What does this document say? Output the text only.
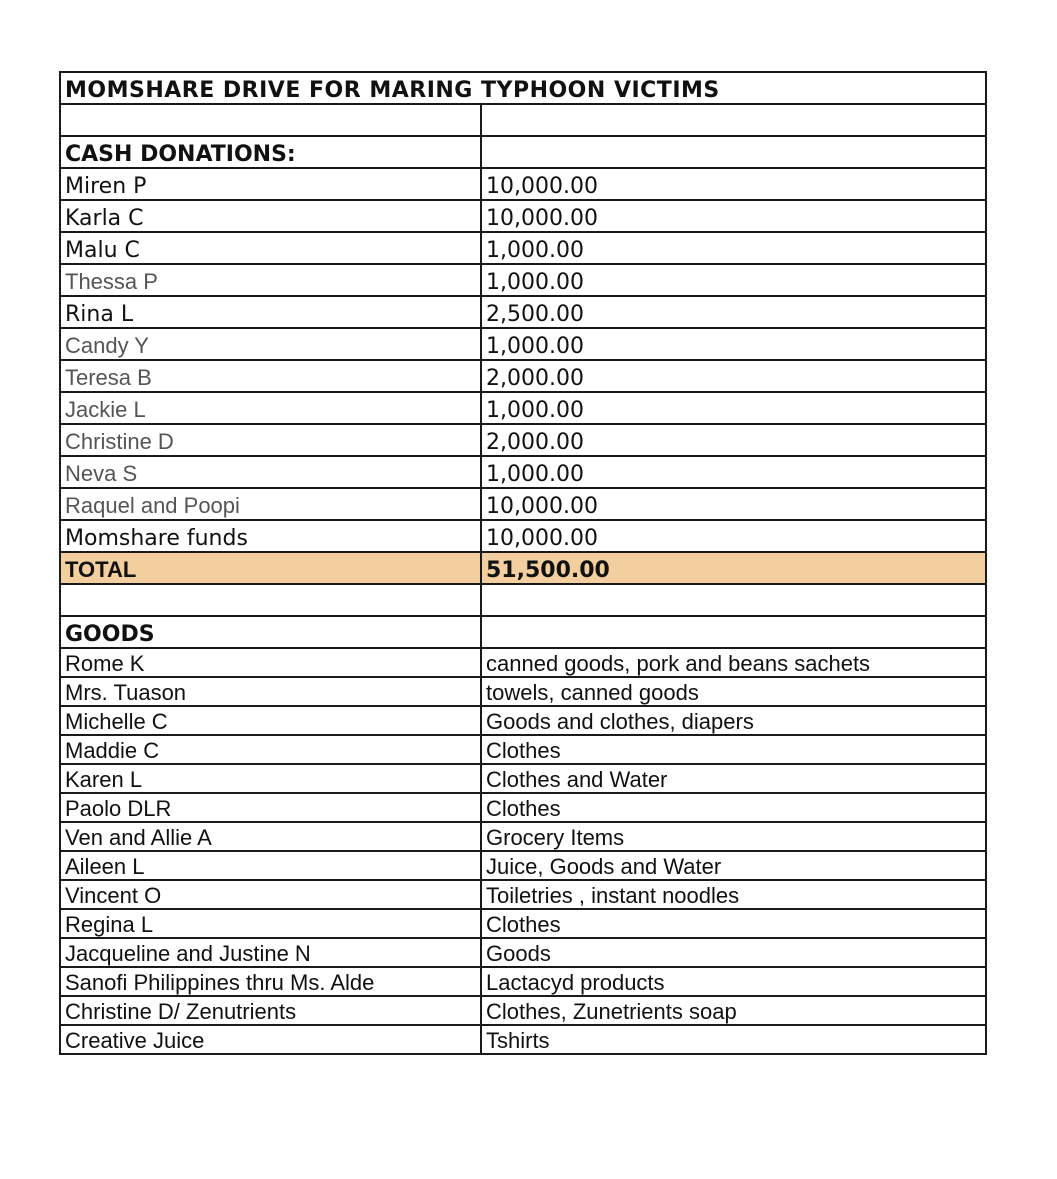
MOMSHARE DRIVE FOR MARING TYPHOON VICTIMS	

CASH DONATIONS:	
Miren P	10,000.00
Karla C	10,000.00
Malu C	1,000.00
Thessa P	1,000.00
Rina L	2,500.00
Candy Y	1,000.00
Teresa B	2,000.00
Jackie L	1,000.00
Christine D	2,000.00
Neva S	1,000.00
Raquel and Poopi	10,000.00
Momshare funds	10,000.00
TOTAL	51,500.00

GOODS	
Rome K	canned goods, pork and beans sachets
Mrs. Tuason	towels, canned goods
Michelle C	Goods and clothes, diapers
Maddie C	Clothes
Karen L	Clothes and Water
Paolo DLR	Clothes
Ven and Allie A	Grocery Items
Aileen L	Juice, Goods and Water
Vincent O	Toiletries , instant noodles
Regina L	Clothes
Jacqueline and Justine N	Goods
Sanofi Philippines thru Ms. Alde	Lactacyd products
Christine D/ Zenutrients	Clothes, Zunetrients soap
Creative Juice	Tshirts
